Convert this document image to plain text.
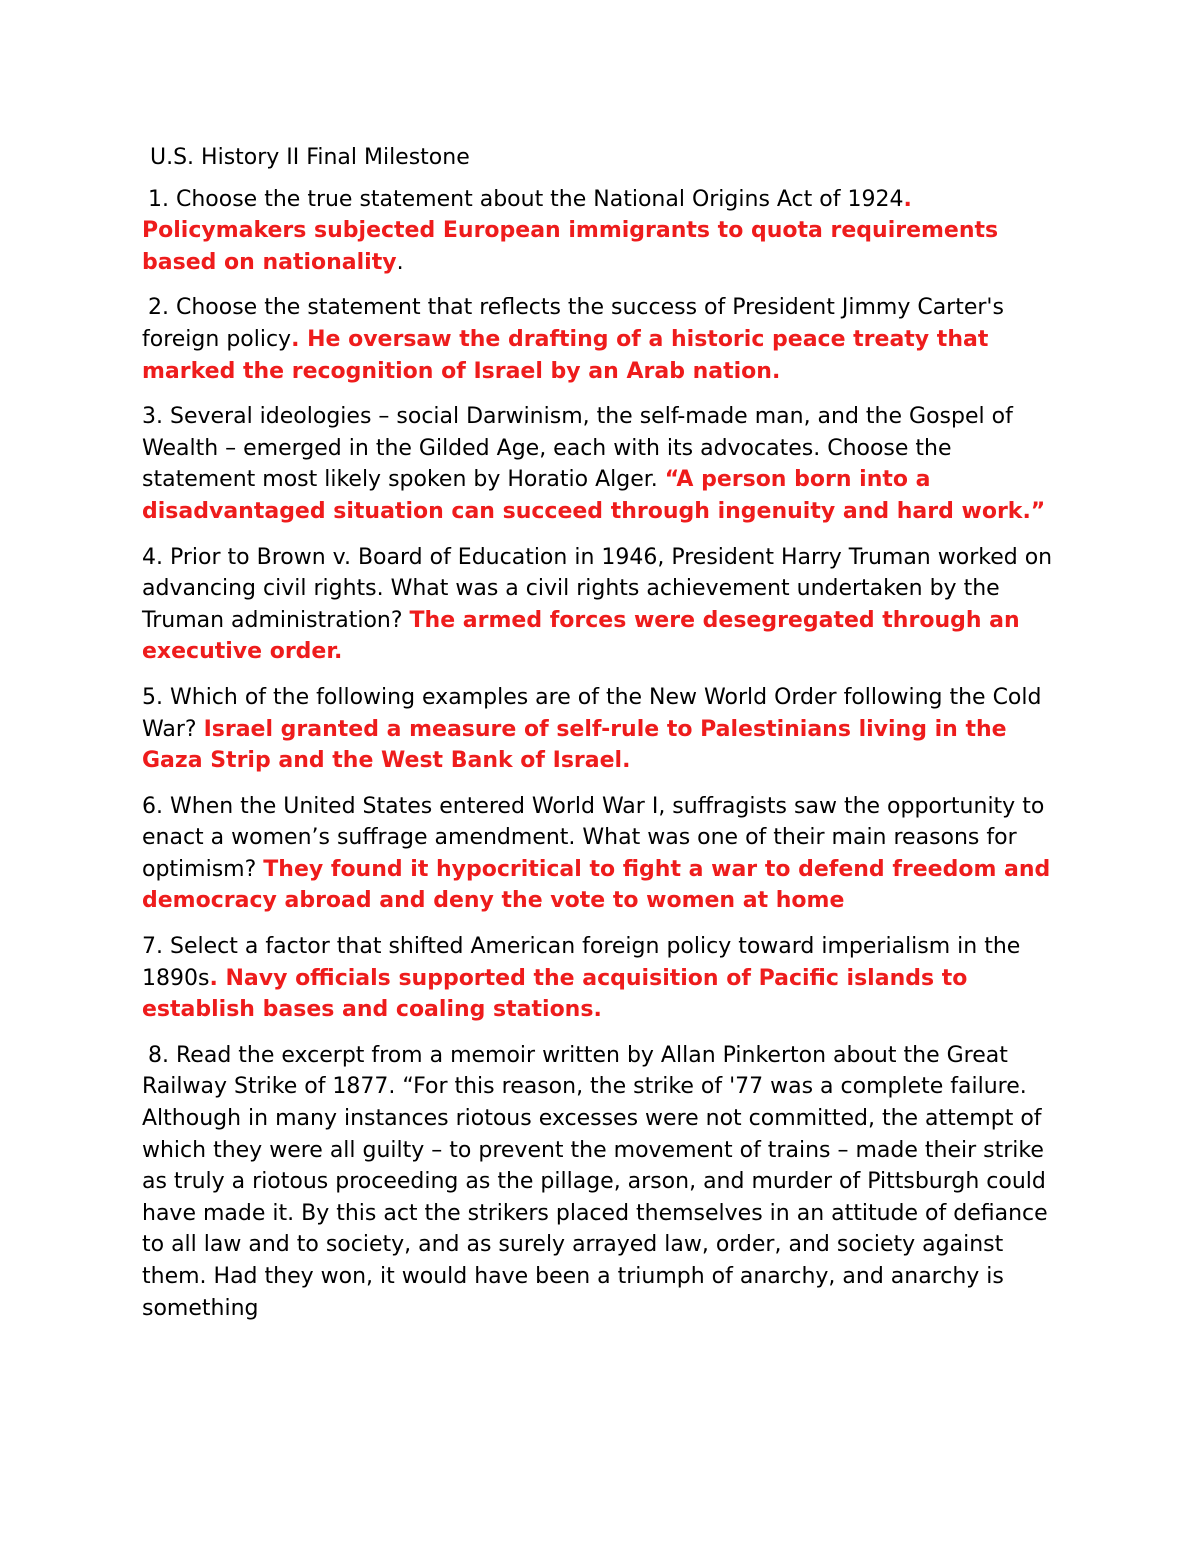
U.S. History II Final Milestone
1. Choose the true statement about the National Origins Act of 1924. Policymakers subjected European immigrants to quota requirements based on nationality.
2. Choose the statement that reflects the success of President Jimmy Carter's foreign policy. He oversaw the drafting of a historic peace treaty that marked the recognition of Israel by an Arab nation.
3. Several ideologies – social Darwinism, the self-made man, and the Gospel of Wealth – emerged in the Gilded Age, each with its advocates. Choose the statement most likely spoken by Horatio Alger. “A person born into a disadvantaged situation can succeed through ingenuity and hard work.”
4. Prior to Brown v. Board of Education in 1946, President Harry Truman worked on advancing civil rights. What was a civil rights achievement undertaken by the Truman administration? The armed forces were desegregated through an executive order.
5. Which of the following examples are of the New World Order following the Cold War? Israel granted a measure of self-rule to Palestinians living in the Gaza Strip and the West Bank of Israel.
6. When the United States entered World War I, suffragists saw the opportunity to enact a women’s suffrage amendment. What was one of their main reasons for optimism? They found it hypocritical to fight a war to defend freedom and democracy abroad and deny the vote to women at home
7. Select a factor that shifted American foreign policy toward imperialism in the 1890s. Navy officials supported the acquisition of Pacific islands to establish bases and coaling stations.
8. Read the excerpt from a memoir written by Allan Pinkerton about the Great Railway Strike of 1877. “For this reason, the strike of '77 was a complete failure. Although in many instances riotous excesses were not committed, the attempt of which they were all guilty – to prevent the movement of trains – made their strike as truly a riotous proceeding as the pillage, arson, and murder of Pittsburgh could have made it. By this act the strikers placed themselves in an attitude of defiance to all law and to society, and as surely arrayed law, order, and society against them. Had they won, it would have been a triumph of anarchy, and anarchy is something
